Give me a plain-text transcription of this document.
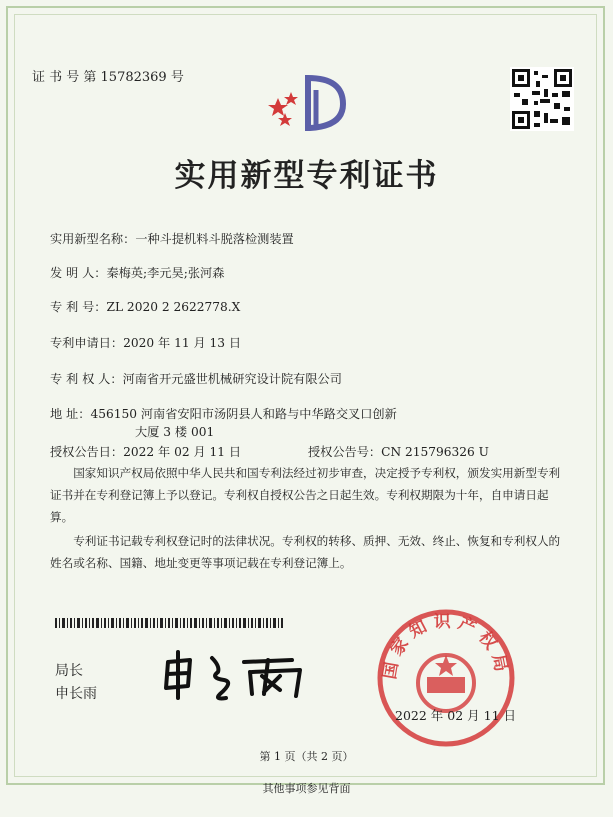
证 书 号 第 15782369 号
实用新型专利证书
实用新型名称：一种斗提机料斗脱落检测装置
发 明 人：秦梅英;李元昊;张河森
专 利 号：ZL 2020 2 2622778.X
专利申请日：2020 年 11 月 13 日
专 利 权 人：河南省开元盛世机械研究设计院有限公司
地 址：456150 河南省安阳市汤阴县人和路与中华路交叉口创新
大厦 3 楼 001
授权公告日：2022 年 02 月 11 日	授权公告号：CN 215796326 U
国家知识产权局依照中华人民共和国专利法经过初步审查，决定授予专利权，颁发实用新型专利证书并在专利登记簿上予以登记。专利权自授权公告之日起生效。专利权期限为十年，自申请日起算。
专利证书记载专利权登记时的法律状况。专利权的转移、质押、无效、终止、恢复和专利权人的姓名或名称、国籍、地址变更等事项记载在专利登记簿上。
局长
申长雨
国家知识产权局
2022 年 02 月 11 日
第 1 页（共 2 页）
其他事项参见背面
